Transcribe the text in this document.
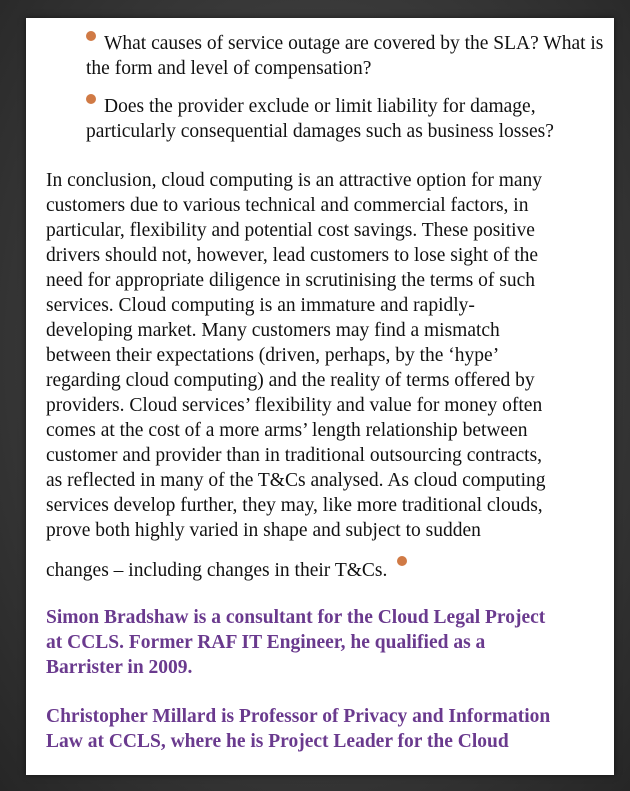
What causes of service outage are covered by the SLA? What is the form and level of compensation?
Does the provider exclude or limit liability for damage, particularly consequential damages such as business losses?
In conclusion, cloud computing is an attractive option for many
customers due to various technical and commercial factors, in
particular, flexibility and potential cost savings. These positive
drivers should not, however, lead customers to lose sight of the
need for appropriate diligence in scrutinising the terms of such
services. Cloud computing is an immature and rapidly-
developing market. Many customers may find a mismatch
between their expectations (driven, perhaps, by the ‘hype’
regarding cloud computing) and the reality of terms offered by
providers. Cloud services’ flexibility and value for money often
comes at the cost of a more arms’ length relationship between
customer and provider than in traditional outsourcing contracts,
as reflected in many of the T&Cs analysed. As cloud computing
services develop further, they may, like more traditional clouds,
prove both highly varied in shape and subject to sudden
changes – including changes in their T&Cs.
Simon Bradshaw is a consultant for the Cloud Legal Project
at CCLS. Former RAF IT Engineer, he qualified as a
Barrister in 2009.
Christopher Millard is Professor of Privacy and Information
Law at CCLS, where he is Project Leader for the Cloud
